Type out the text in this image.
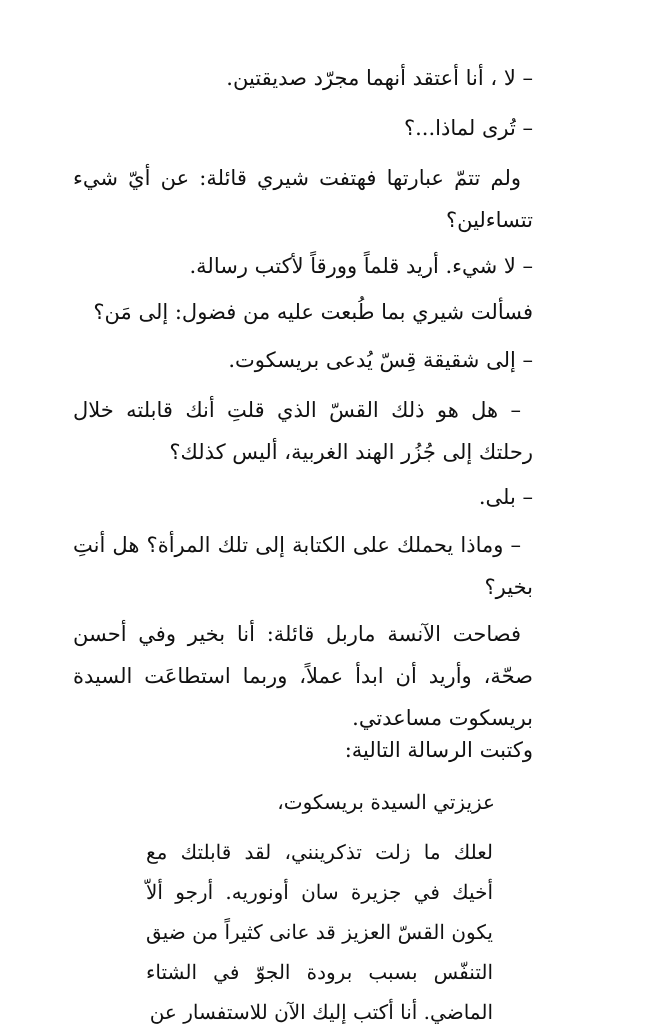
– لا ، أنا أعتقد أنهما مجرّد صديقتين.

– تُرى لماذا...؟

ولم تتمّ عبارتها فهتفت شيري قائلة: عن أيّ شيء تتساءلين؟

– لا شيء. أريد قلماً وورقاً لأكتب رسالة.

فسألت شيري بما طُبعت عليه من فضول: إلى مَن؟

– إلى شقيقة قِسّ يُدعى بريسكوت.

– هل هو ذلك القسّ الذي قلتِ أنك قابلته خلال رحلتك إلى جُزُر الهند الغربية، أليس كذلك؟

– بلى.

– وماذا يحملك على الكتابة إلى تلك المرأة؟ هل أنتِ بخير؟

فصاحت الآنسة ماربل قائلة: أنا بخير وفي أحسن صحّة، وأريد أن ابدأ عملاً، وربما استطاعَت السيدة بريسكوت مساعدتي.

وكتبت الرسالة التالية:

عزيزتي السيدة بريسكوت،

لعلك ما زلت تذكرينني، لقد قابلتك مع أخيك في جزيرة سان أونوريه. أرجو ألاّ يكون القسّ العزيز قد عانى كثيراً من ضيق التنفّس بسبب برودة الجوّ في الشتاء الماضي. أنا أكتب إليك الآن للاستفسار عن
